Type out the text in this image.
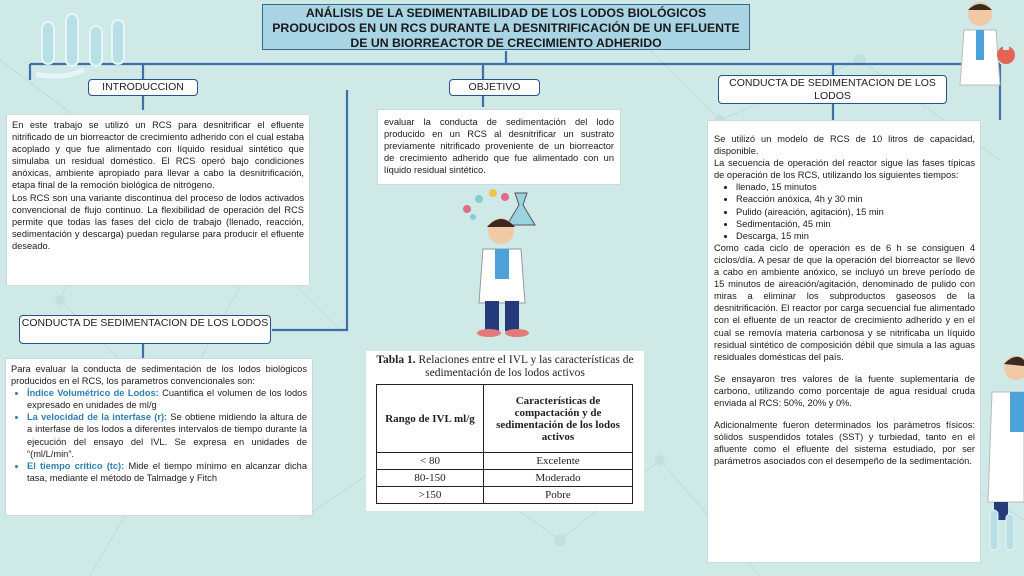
ANÁLISIS DE LA SEDIMENTABILIDAD DE LOS LODOS BIOLÓGICOS PRODUCIDOS EN UN RCS DURANTE LA DESNITRIFICACIÓN DE UN EFLUENTE DE UN BIORREACTOR DE CRECIMIENTO ADHERIDO
INTRODUCCION	OBJETIVO	CONDUCTA DE SEDIMENTACION DE LOS LODOS
CONDUCTA DE SEDIMENTACION DE LOS LODOS

En este trabajo se utilizó un RCS para desnitrificar el efluente nitrificado de un biorreactor de crecimiento adherido con el cual estaba acoplado y que fue alimentado con líquido residual sintético que simulaba un residual doméstico. El RCS operó bajo condiciones anóxicas, ambiente apropiado para llevar a cabo la desnitrificación, etapa final de la remoción biológica de nitrógeno.

Los RCS son una variante discontinua del proceso de lodos activados convencional de flujo continuo. La flexibilidad de operación del RCS permite que todas las fases del ciclo de trabajo (llenado, reacción, sedimentación y descarga) puedan regularse para producir el efluente deseado.

evaluar la conducta de sedimentación del lodo producido en un RCS al desnitrificar un sustrato previamente nitrificado proveniente de un biorreactor de crecimiento adherido que fue alimentado con un líquido residual sintético.

Para evaluar la conducta de sedimentación de los lodos biológicos producidos en el RCS, los parametros convencionales son:

• Índice Volumétrico de Lodos: Cuantifica el volumen de los lodos expresado en unidades de ml/g
• La velocidad de la interfase (r): Se obtiene midiendo la altura de a interfase de los lodos a diferentes intervalos de tiempo durante la ejecución del ensayo del IVL. Se expresa en unidades de “(ml/L/min”.
• El tiempo crítico (tc): Mide el tiempo mínimo en alcanzar dicha tasa, mediante el método de Talmadge y Fitch

Se utilizó un modelo de RCS de 10 litros de capacidad, disponible.

La secuencia de operación del reactor sigue las fases típicas de operación de los RCS, utilizando los siguientes tiempos:

• llenado, 15 minutos
• Reacción anóxica, 4h y 30 min
• Pulido (aireación, agitación), 15 min
• Sedimentación, 45 min
• Descarga, 15 min

Como cada ciclo de operación es de 6 h se consiguen 4 ciclos/día. A pesar de que la operación del biorreactor se llevó a cabo en ambiente anóxico, se incluyó un breve período de 15 minutos de aireación/agitación, denominado de pulido con miras a eliminar los subproductos gaseosos de la desnitrificación. El reactor por carga secuencial fue alimentado con el efluente de un reactor de crecimiento adherido y en el cual se removía materia carbonosa y se nitrificaba un líquido residual sintético de composición débil que simula a las aguas residuales domésticas del país.

Se ensayaron tres valores de la fuente suplementaria de carbono, utilizando como porcentaje de agua residual cruda enviada al RCS: 50%, 20% y 0%.

Adicionalmente fueron determinados los parámetros físicos: sólidos suspendidos totales (SST) y turbiedad, tanto en el afluente como el efluente del sistema estudiado, por ser parámetros asociados con el desempeño de la sedimentación.

Tabla 1. Relaciones entre el IVL y las características de sedimentación de los lodos activos
Rango de IVL ml/g	Características de compactación y de sedimentación de los lodos activos
< 80	Excelente
80-150	Moderado
>150	Pobre
